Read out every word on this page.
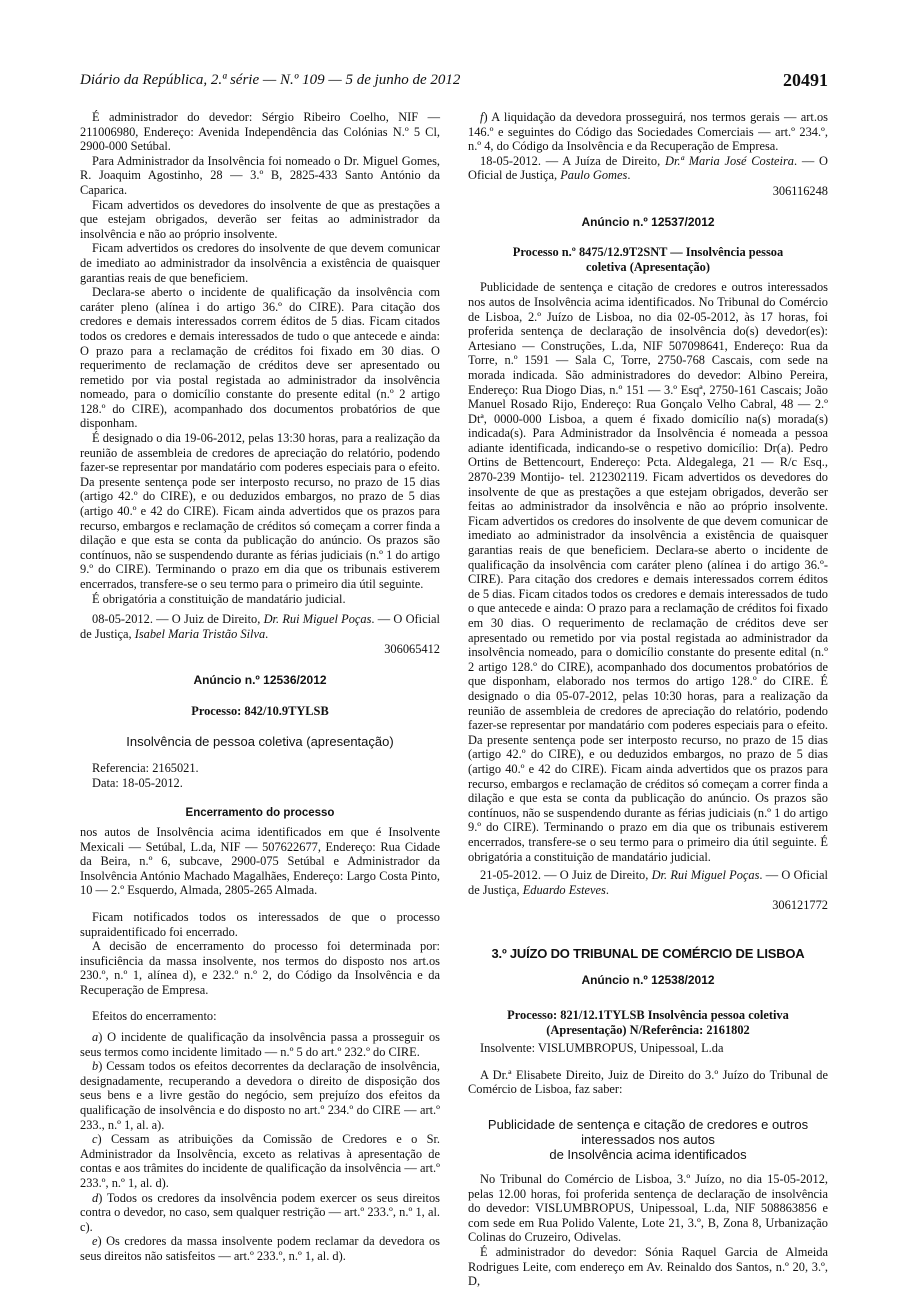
Diário da República, 2.ª série — N.º 109 — 5 de junho de 2012	20491

É administrador do devedor: Sérgio Ribeiro Coelho, NIF — 211006980, Endereço: Avenida Independência das Colónias N.º 5 Cl, 2900-000 Setúbal.

Para Administrador da Insolvência foi nomeado o Dr. Miguel Gomes, R. Joaquim Agostinho, 28 — 3.º B, 2825-433 Santo António da Caparica.

Ficam advertidos os devedores do insolvente de que as prestações a que estejam obrigados, deverão ser feitas ao administrador da insolvência e não ao próprio insolvente.

Ficam advertidos os credores do insolvente de que devem comunicar de imediato ao administrador da insolvência a existência de quaisquer garantias reais de que beneficiem.

Declara-se aberto o incidente de qualificação da insolvência com caráter pleno (alínea i do artigo 36.º do CIRE). Para citação dos credores e demais interessados correm éditos de 5 dias. Ficam citados todos os credores e demais interessados de tudo o que antecede e ainda: O prazo para a reclamação de créditos foi fixado em 30 dias. O requerimento de reclamação de créditos deve ser apresentado ou remetido por via postal registada ao administrador da insolvência nomeado, para o domicílio constante do presente edital (n.º 2 artigo 128.º do CIRE), acompanhado dos documentos probatórios de que disponham.

É designado o dia 19-06-2012, pelas 13:30 horas, para a realização da reunião de assembleia de credores de apreciação do relatório, podendo fazer-se representar por mandatário com poderes especiais para o efeito. Da presente sentença pode ser interposto recurso, no prazo de 15 dias (artigo 42.º do CIRE), e ou deduzidos embargos, no prazo de 5 dias (artigo 40.º e 42 do CIRE). Ficam ainda advertidos que os prazos para recurso, embargos e reclamação de créditos só começam a correr finda a dilação e que esta se conta da publicação do anúncio. Os prazos são contínuos, não se suspendendo durante as férias judiciais (n.º 1 do artigo 9.º do CIRE). Terminando o prazo em dia que os tribunais estiverem encerrados, transfere-se o seu termo para o primeiro dia útil seguinte.

É obrigatória a constituição de mandatário judicial.

08-05-2012. — O Juiz de Direito, Dr. Rui Miguel Poças. — O Oficial de Justiça, Isabel Maria Tristão Silva.

306065412

Anúncio n.º 12536/2012

Processo: 842/10.9TYLSB

Insolvência de pessoa coletiva (apresentação)

Referencia: 2165021.

Data: 18-05-2012.

Encerramento do processo

nos autos de Insolvência acima identificados em que é Insolvente Mexicali — Setúbal, L.da, NIF — 507622677, Endereço: Rua Cidade da Beira, n.º 6, subcave, 2900-075 Setúbal e Administrador da Insolvência António Machado Magalhães, Endereço: Largo Costa Pinto, 10 — 2.º Esquerdo, Almada, 2805-265 Almada.

Ficam notificados todos os interessados de que o processo supraidentificado foi encerrado.

A decisão de encerramento do processo foi determinada por: insuficiência da massa insolvente, nos termos do disposto nos art.os 230.º, n.º 1, alínea d), e 232.º n.º 2, do Código da Insolvência e da Recuperação de Empresa.

Efeitos do encerramento:

a) O incidente de qualificação da insolvência passa a prosseguir os seus termos como incidente limitado — n.º 5 do art.º 232.º do CIRE.

b) Cessam todos os efeitos decorrentes da declaração de insolvência, designadamente, recuperando a devedora o direito de disposição dos seus bens e a livre gestão do negócio, sem prejuízo dos efeitos da qualificação de insolvência e do disposto no art.º 234.º do CIRE — art.º 233., n.º 1, al. a).

c) Cessam as atribuições da Comissão de Credores e o Sr. Administrador da Insolvência, exceto as relativas à apresentação de contas e aos trâmites do incidente de qualificação da insolvência — art.º 233.º, n.º 1, al. d).

d) Todos os credores da insolvência podem exercer os seus direitos contra o devedor, no caso, sem qualquer restrição — art.º 233.º, n.º 1, al. c).

e) Os credores da massa insolvente podem reclamar da devedora os seus direitos não satisfeitos — art.º 233.º, n.º 1, al. d).

f) A liquidação da devedora prosseguirá, nos termos gerais — art.os 146.º e seguintes do Código das Sociedades Comerciais — art.º 234.º, n.º 4, do Código da Insolvência e da Recuperação de Empresa.

18-05-2012. — A Juíza de Direito, Dr.ª Maria José Costeira. — O Oficial de Justiça, Paulo Gomes.

306116248

Anúncio n.º 12537/2012

Processo n.º 8475/12.9T2SNT — Insolvência pessoa

coletiva (Apresentação)

Publicidade de sentença e citação de credores e outros interessados nos autos de Insolvência acima identificados. No Tribunal do Comércio de Lisboa, 2.º Juízo de Lisboa, no dia 02-05-2012, às 17 horas, foi proferida sentença de declaração de insolvência do(s) devedor(es): Artesiano — Construções, L.da, NIF 507098641, Endereço: Rua da Torre, n.º 1591 — Sala C, Torre, 2750-768 Cascais, com sede na morada indicada. São administradores do devedor: Albino Pereira, Endereço: Rua Diogo Dias, n.º 151 — 3.º Esqª, 2750-161 Cascais; João Manuel Rosado Rijo, Endereço: Rua Gonçalo Velho Cabral, 48 — 2.º Dtª, 0000-000 Lisboa, a quem é fixado domicílio na(s) morada(s) indicada(s). Para Administrador da Insolvência é nomeada a pessoa adiante identificada, indicando-se o respetivo domicílio: Dr(a). Pedro Ortins de Bettencourt, Endereço: Pcta. Aldegalega, 21 — R/c Esq., 2870-239 Montijo- tel. 212302119. Ficam advertidos os devedores do insolvente de que as prestações a que estejam obrigados, deverão ser feitas ao administrador da insolvência e não ao próprio insolvente. Ficam advertidos os credores do insolvente de que devem comunicar de imediato ao administrador da insolvência a existência de quaisquer garantias reais de que beneficiem. Declara-se aberto o incidente de qualificação da insolvência com caráter pleno (alínea i do artigo 36.º-CIRE). Para citação dos credores e demais interessados correm éditos de 5 dias. Ficam citados todos os credores e demais interessados de tudo o que antecede e ainda: O prazo para a reclamação de créditos foi fixado em 30 dias. O requerimento de reclamação de créditos deve ser apresentado ou remetido por via postal registada ao administrador da insolvência nomeado, para o domicílio constante do presente edital (n.º 2 artigo 128.º do CIRE), acompanhado dos documentos probatórios de que disponham, elaborado nos termos do artigo 128.º do CIRE. É designado o dia 05-07-2012, pelas 10:30 horas, para a realização da reunião de assembleia de credores de apreciação do relatório, podendo fazer-se representar por mandatário com poderes especiais para o efeito. Da presente sentença pode ser interposto recurso, no prazo de 15 dias (artigo 42.º do CIRE), e ou deduzidos embargos, no prazo de 5 dias (artigo 40.º e 42 do CIRE). Ficam ainda advertidos que os prazos para recurso, embargos e reclamação de créditos só começam a correr finda a dilação e que esta se conta da publicação do anúncio. Os prazos são contínuos, não se suspendendo durante as férias judiciais (n.º 1 do artigo 9.º do CIRE). Terminando o prazo em dia que os tribunais estiverem encerrados, transfere-se o seu termo para o primeiro dia útil seguinte. É obrigatória a constituição de mandatário judicial.

21-05-2012. — O Juiz de Direito, Dr. Rui Miguel Poças. — O Oficial de Justiça, Eduardo Esteves.

306121772

3.º JUÍZO DO TRIBUNAL DE COMÉRCIO DE LISBOA

Anúncio n.º 12538/2012

Processo: 821/12.1TYLSB Insolvência pessoa coletiva

(Apresentação) N/Referência: 2161802

Insolvente: VISLUMBROPUS, Unipessoal, L.da

A Dr.ª Elisabete Direito, Juiz de Direito do 3.º Juízo do Tribunal de Comércio de Lisboa, faz saber:

Publicidade de sentença e citação de credores e outros

interessados nos autos

de Insolvência acima identificados

No Tribunal do Comércio de Lisboa, 3.º Juízo, no dia 15-05-2012, pelas 12.00 horas, foi proferida sentença de declaração de insolvência do devedor: VISLUMBROPUS, Unipessoal, L.da, NIF 508863856 e com sede em Rua Polido Valente, Lote 21, 3.º, B, Zona 8, Urbanização Colinas do Cruzeiro, Odivelas.

É administrador do devedor: Sónia Raquel Garcia de Almeida Rodrigues Leite, com endereço em Av. Reinaldo dos Santos, n.º 20, 3.º, D,
